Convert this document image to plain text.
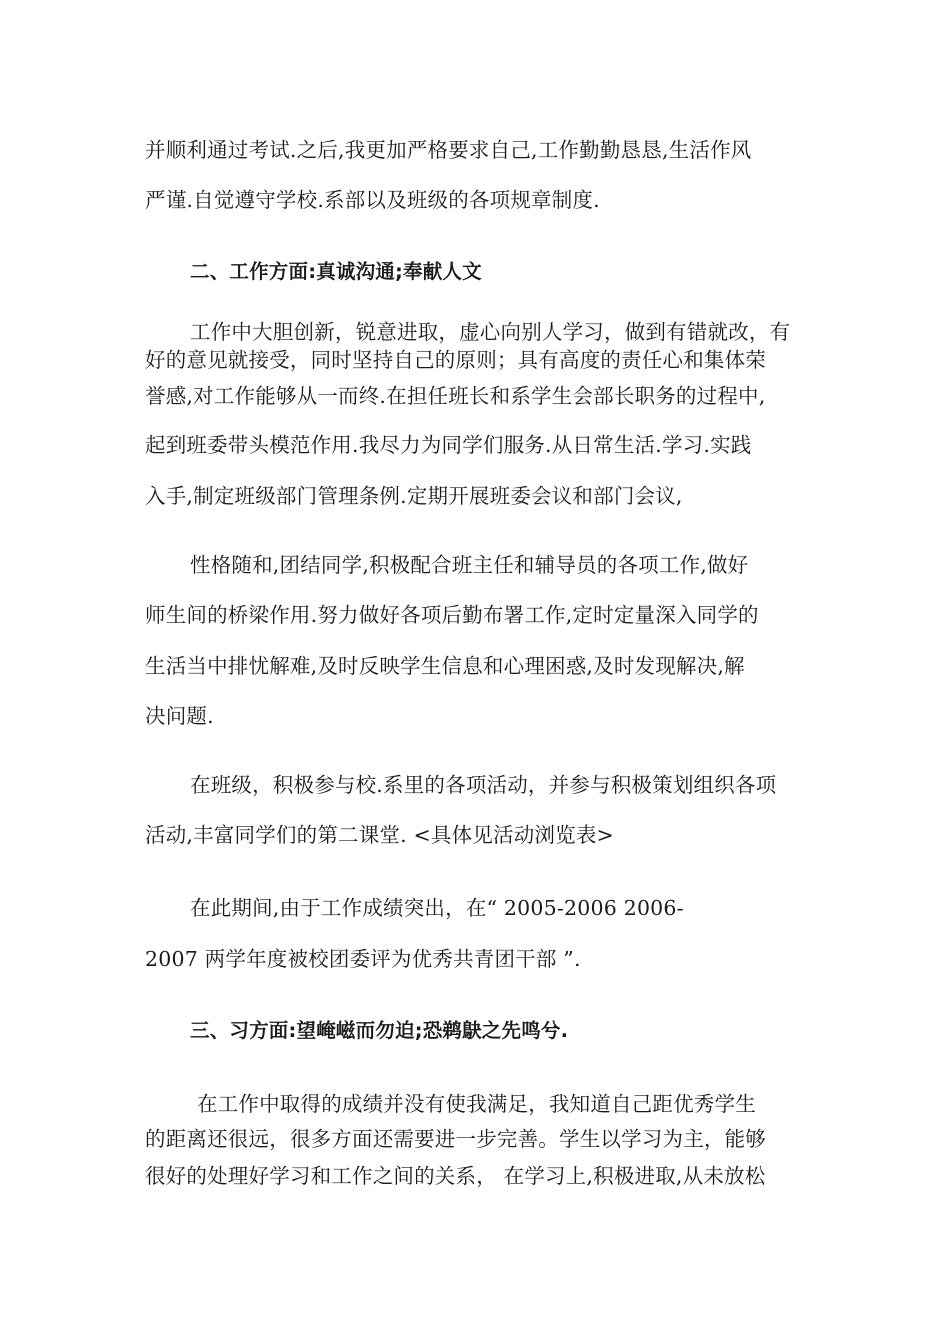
并顺利通过考试.之后,我更加严格要求自己,工作勤勤恳恳,生活作风
严谨.自觉遵守学校.系部以及班级的各项规章制度.
二、工作方面:真诚沟通;奉献人文
工作中大胆创新，锐意进取，虚心向别人学习，做到有错就改，有
好的意见就接受，同时坚持自己的原则；具有高度的责任心和集体荣
誉感,对工作能够从一而终.在担任班长和系学生会部长职务的过程中,
起到班委带头模范作用.我尽力为同学们服务.从日常生活.学习.实践
入手,制定班级部门管理条例.定期开展班委会议和部门会议,
性格随和,团结同学,积极配合班主任和辅导员的各项工作,做好
师生间的桥梁作用.努力做好各项后勤布署工作,定时定量深入同学的
生活当中排忧解难,及时反映学生信息和心理困惑,及时发现解决,解
决问题.
在班级，积极参与校.系里的各项活动，并参与积极策划组织各项
活动,丰富同学们的第二课堂. <具体见活动浏览表>
在此期间,由于工作成绩突出，在“ 2005-2006 2006-
2007 两学年度被校团委评为优秀共青团干部 ”.
三、习方面:望崦嵫而勿迫;恐鹈鴃之先鸣兮.
在工作中取得的成绩并没有使我满足，我知道自己距优秀学生
的距离还很远，很多方面还需要进一步完善。学生以学习为主，能够
很好的处理好学习和工作之间的关系， 在学习上,积极进取,从未放松
